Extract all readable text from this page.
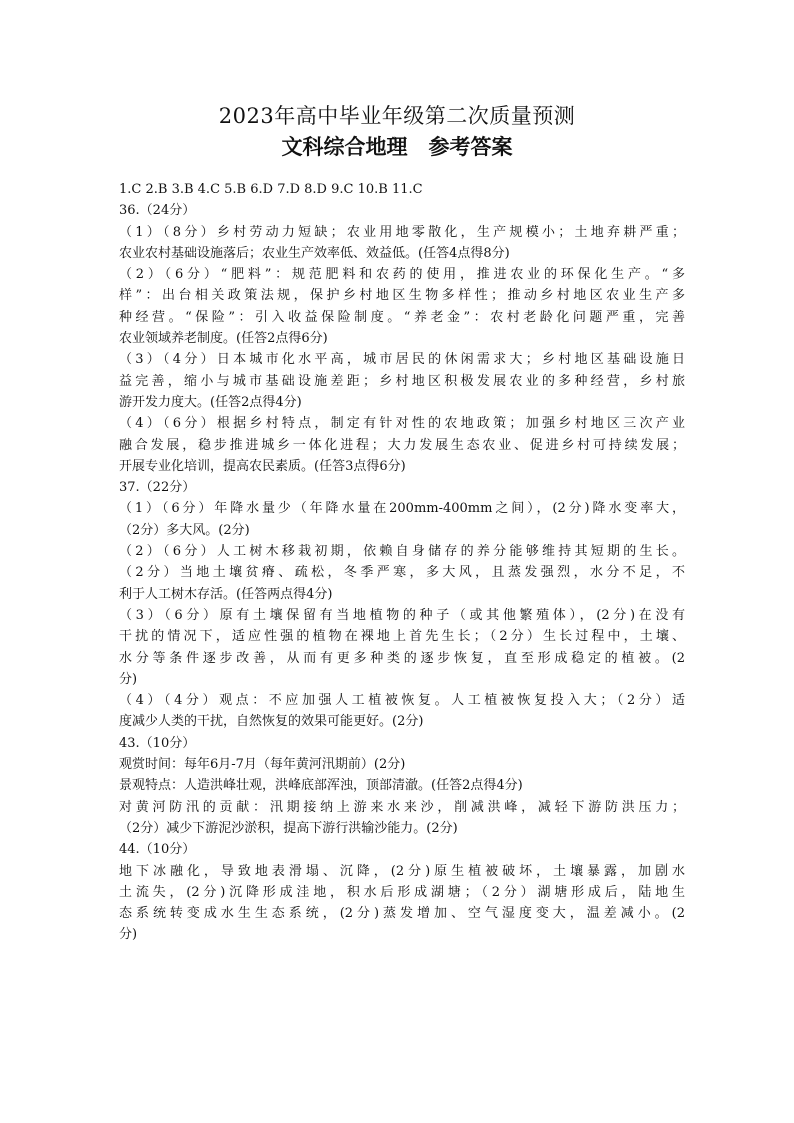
2023年高中毕业年级第二次质量预测
文科综合地理　参考答案
1.C 2.B 3.B 4.C 5.B 6.D 7.D 8.D 9.C 10.B 11.C
36.（24分）
（1）（8分）乡村劳动力短缺；农业用地零散化，生产规模小；土地弃耕严重；
农业农村基础设施落后；农业生产效率低、效益低。(任答4点得8分)
（2）（6分）“肥料”：规范肥料和农药的使用，推进农业的环保化生产。“多
样”：出台相关政策法规，保护乡村地区生物多样性；推动乡村地区农业生产多
种经营。“保险”：引入收益保险制度。“养老金”：农村老龄化问题严重，完善
农业领域养老制度。(任答2点得6分)
（3）（4分）日本城市化水平高，城市居民的休闲需求大；乡村地区基础设施日
益完善，缩小与城市基础设施差距；乡村地区积极发展农业的多种经营，乡村旅
游开发力度大。(任答2点得4分)
（4）（6分）根据乡村特点，制定有针对性的农地政策；加强乡村地区三次产业
融合发展，稳步推进城乡一体化进程；大力发展生态农业、促进乡村可持续发展；
开展专业化培训，提高农民素质。(任答3点得6分)
37.（22分）
（1）（6分）年降水量少（年降水量在200mm-400mm之间），(2分)降水变率大，
（2分）多大风。(2分)
（2）（6分）人工树木移栽初期，依赖自身储存的养分能够维持其短期的生长。
（2分）当地土壤贫瘠、疏松，冬季严寒，多大风，且蒸发强烈，水分不足，不
利于人工树木存活。(任答两点得4分)
（3）（6分）原有土壤保留有当地植物的种子（或其他繁殖体），(2分)在没有
干扰的情况下，适应性强的植物在裸地上首先生长；（2分）生长过程中，土壤、
水分等条件逐步改善，从而有更多种类的逐步恢复，直至形成稳定的植被。(2
分)
（4）（4分）观点：不应加强人工植被恢复。人工植被恢复投入大；（2分）适
度减少人类的干扰，自然恢复的效果可能更好。(2分)
43.（10分）
观赏时间：每年6月-7月（每年黄河汛期前）(2分)
景观特点：人造洪峰壮观，洪峰底部浑浊，顶部清澈。(任答2点得4分)
对黄河防汛的贡献：汛期接纳上游来水来沙，削减洪峰，减轻下游防洪压力；
（2分）减少下游泥沙淤积，提高下游行洪输沙能力。(2分)
44.（10分）
地下冰融化，导致地表滑塌、沉降，(2分)原生植被破坏，土壤暴露，加剧水
土流失，(2分)沉降形成洼地，积水后形成湖塘；（2分）湖塘形成后，陆地生
态系统转变成水生生态系统，(2分)蒸发增加、空气湿度变大，温差减小。(2
分)
